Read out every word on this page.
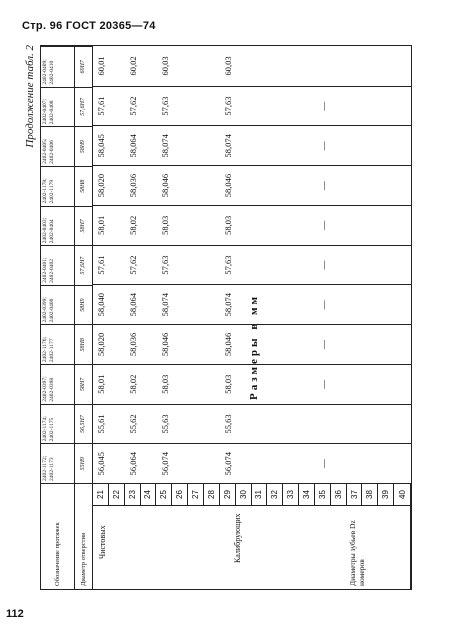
Стр. 96 ГОСТ 20365—74
112
Продолжение табл. 2
Размеры в мм
Обозначение протяжек
2402-1172; 2402-1173
2402-1174; 2402-1175
2402-0397; 2402-0398
2402-1176; 2402-1177
2402-0399; 2402-0400
2402-0401; 2402-0402
2402-0403; 2402-0404
2402-1178; 2402-1179
2402-0405; 2402-0406
2402-0407; 2402-0408
2402-0409; 2402-0410
Диаметр отверстия
55H9
56,5H7
58H7
58H8
58H9
57,6H7
58H7
58H8
58H9
57,6H7
60H7
Чистовых	Калибрующих	Диаметры зубьев Dz номеров
21 22 23 24 25 26 27 28 29 30 31 32 33 34 35 36 37 38 39 40
56,045
55,61
58,01
58,020
58,040
57,61
58,01
58,020
58,045
57,61
60,01
56,064
55,62
58,02
58,036
58,064
57,62
58,02
58,036
58,064
57,62
60,02
56,074
55,63
58,03
58,046
58,074
57,63
58,03
58,046
58,074
57,63
60,03
56,074
55,63
58,03
58,046
58,074
57,63
58,03
58,046
58,074
57,63
60,03
—
—
—
—
—
—
—
—
—
